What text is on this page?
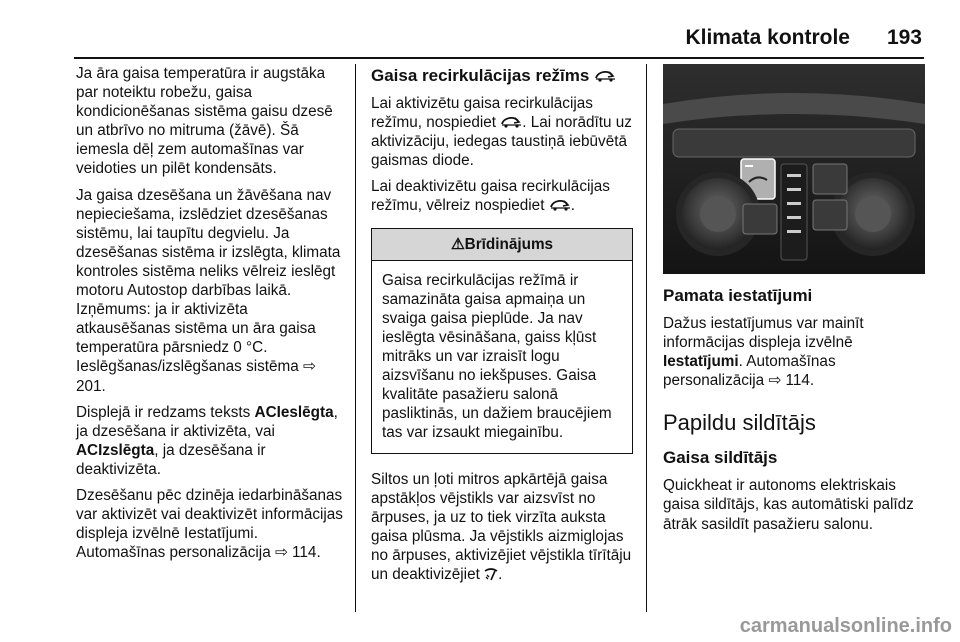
Klimata kontrole 193

Ja āra gaisa temperatūra ir augstāka par noteiktu robežu, gaisa kondicionēšanas sistēma gaisu dzesē un atbrīvo no mitruma (žāvē). Šā iemesla dēļ zem automašīnas var veidoties un pilēt kondensāts.

Ja gaisa dzesēšana un žāvēšana nav nepieciešama, izslēdziet dzesēšanas sistēmu, lai taupītu degvielu. Ja dzesēšanas sistēma ir izslēgta, klimata kontroles sistēma neliks vēlreiz ieslēgt motoru Autostop darbības laikā. Izņēmums: ja ir aktivizēta atkausēšanas sistēma un āra gaisa temperatūra pārsniedz 0 °C. Ieslēgšanas/izslēgšanas sistēma ⇨ 201.

Displejā ir redzams teksts ACIeslēgta, ja dzesēšana ir aktivizēta, vai ACIzslēgta, ja dzesēšana ir deaktivizēta.

Dzesēšanu pēc dzinēja iedarbināšanas var aktivizēt vai deaktivizēt informācijas displeja izvēlnē Iestatījumi. Automašīnas personalizācija ⇨ 114.

Gaisa recirkulācijas režīms

Lai aktivizētu gaisa recirkulācijas režīmu, nospiediet
. Lai norādītu uz aktivizāciju, iedegas taustiņā iebūvētā gaismas diode.

Lai deaktivizētu gaisa recirkulācijas režīmu, vēlreiz nospiediet
.

⚠Brīdinājums
Gaisa recirkulācijas režīmā ir samazināta gaisa apmaiņa un svaiga gaisa pieplūde. Ja nav ieslēgta vēsināšana, gaiss kļūst mitrāks un var izraisīt logu aizsvīšanu no iekšpuses. Gaisa kvalitāte pasažieru salonā pasliktinās, un dažiem braucējiem tas var izsaukt miegainību.

Siltos un ļoti mitros apkārtējā gaisa apstākļos vējstikls var aizsvīst no ārpuses, ja uz to tiek virzīta auksta gaisa plūsma. Ja vējstikls aizmiglojas no ārpuses, aktivizējiet vējstikla tīrītāju un deaktivizējiet
.

Pamata iestatījumi

Dažus iestatījumus var mainīt informācijas displeja izvēlnē Iestatījumi. Automašīnas personalizācija ⇨ 114.

Papildu sildītājs
Gaisa sildītājs

Quickheat ir autonoms elektriskais gaisa sildītājs, kas automātiski palīdz ātrāk sasildīt pasažieru salonu.

carmanualsonline.info
